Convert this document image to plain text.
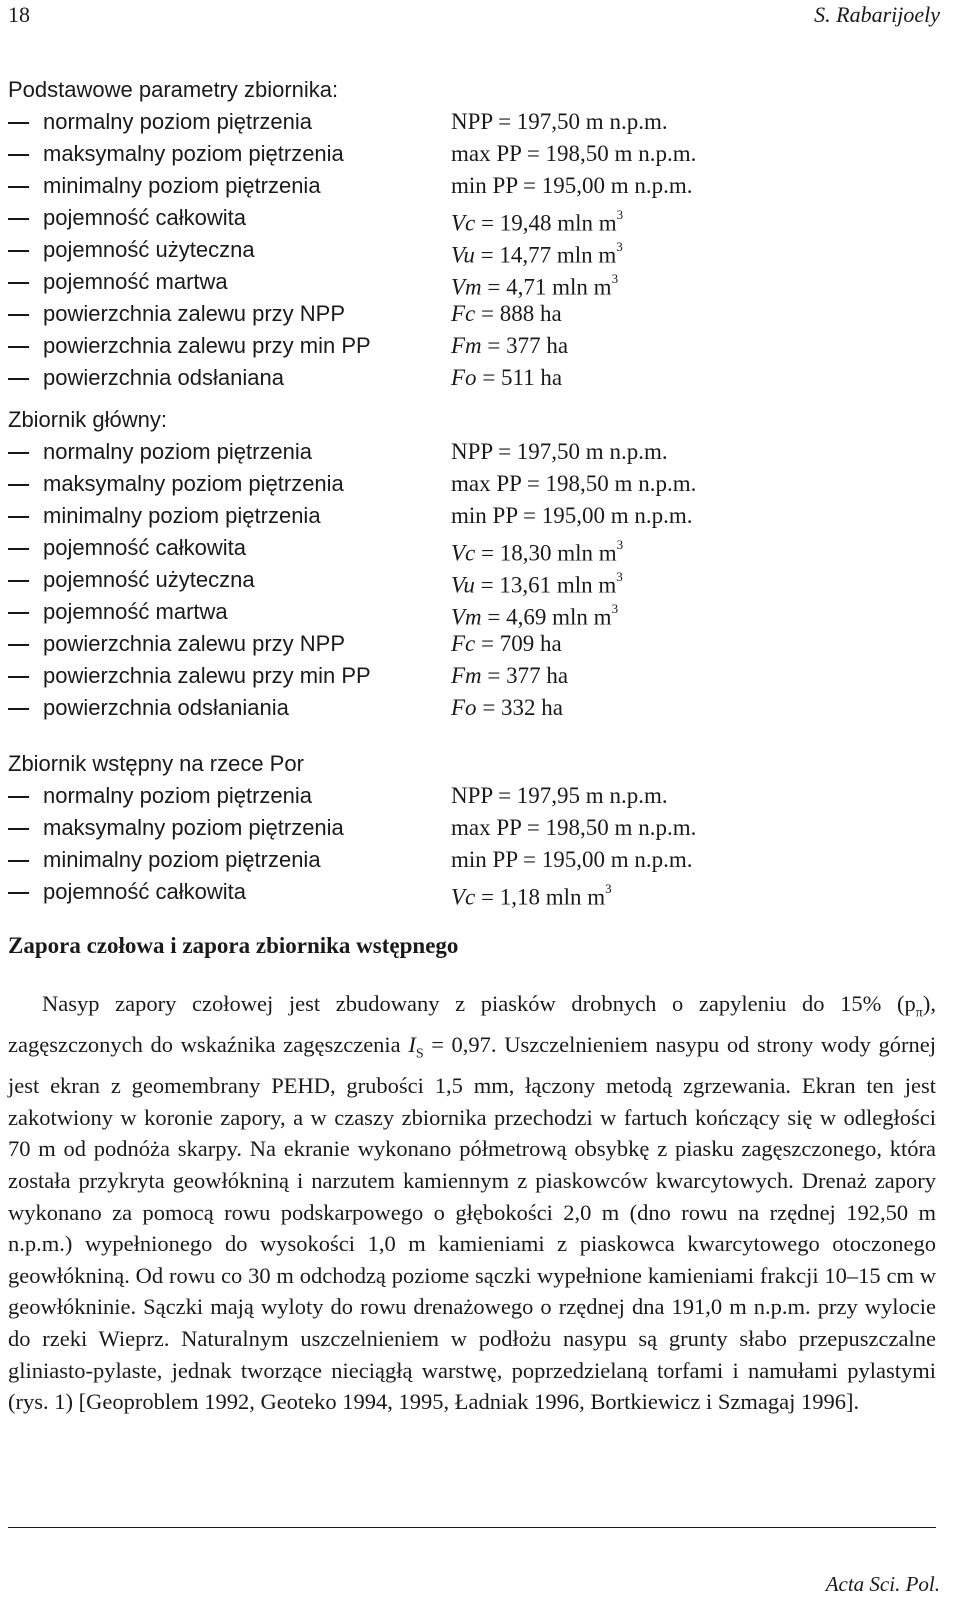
18	S. Rabarijoely
Podstawowe parametry zbiornika:
normalny poziom piętrzenia	NPP = 197,50 m n.p.m.
maksymalny poziom piętrzenia	max PP = 198,50 m n.p.m.
minimalny poziom piętrzenia	min PP = 195,00 m n.p.m.
pojemność całkowita	Vc = 19,48 mln $m^3$
pojemność użyteczna	Vu = 14,77 mln $m^3$
pojemność martwa	Vm = 4,71 mln $m^3$
powierzchnia zalewu przy NPP	Fc = 888 ha
powierzchnia zalewu przy min PP	Fm = 377 ha
powierzchnia odsłaniana	Fo = 511 ha
Zbiornik główny:
normalny poziom piętrzenia	NPP = 197,50 m n.p.m.
maksymalny poziom piętrzenia	max PP = 198,50 m n.p.m.
minimalny poziom piętrzenia	min PP = 195,00 m n.p.m.
pojemność całkowita	Vc = 18,30 mln $m^3$
pojemność użyteczna	Vu = 13,61 mln $m^3$
pojemność martwa	Vm = 4,69 mln $m^3$
powierzchnia zalewu przy NPP	Fc = 709 ha
powierzchnia zalewu przy min PP	Fm = 377 ha
powierzchnia odsłaniania	Fo = 332 ha
Zbiornik wstępny na rzece Por
normalny poziom piętrzenia	NPP = 197,95 m n.p.m.
maksymalny poziom piętrzenia	max PP = 198,50 m n.p.m.
minimalny poziom piętrzenia	min PP = 195,00 m n.p.m.
pojemność całkowita	Vc = 1,18 mln $m^3$
Zapora czołowa i zapora zbiornika wstępnego
Nasyp zapory czołowej jest zbudowany z piasków drobnych o zapyleniu do 15% $(p_\pi)$, zagęszczonych do wskaźnika zagęszczenia $I_S = 0,97$. Uszczelnieniem nasypu od strony wody górnej jest ekran z geomembrany PEHD, grubości 1,5 mm, łączony metodą zgrzewania. Ekran ten jest zakotwiony w koronie zapory, a w czaszy zbiornika przechodzi w fartuch kończący się w odległości 70 m od podnóża skarpy. Na ekranie wykonano półmetrową obsybkę z piasku zagęszczonego, która została przykryta geowłókniną i narzutem kamiennym z piaskowców kwarcytowych. Drenaż zapory wykonano za pomocą rowu podskarpowego o głębokości 2,0 m (dno rowu na rzędnej 192,50 m n.p.m.) wypełnionego do wysokości 1,0 m kamieniami z piaskowca kwarcytowego otoczonego geowłókniną. Od rowu co 30 m odchodzą poziome sączki wypełnione kamieniami frakcji 10–15 cm w geowłókninie. Sączki mają wyloty do rowu drenażowego o rzędnej dna 191,0 m n.p.m. przy wylocie do rzeki Wieprz. Naturalnym uszczelnieniem w podłożu nasypu są grunty słabo przepuszczalne gliniasto-pylaste, jednak tworzące nieciągłą warstwę, poprzedzielaną torfami i namułami pylastymi (rys. 1) [Geoproblem 1992, Geoteko 1994, 1995, Ładniak 1996, Bortkiewicz i Szmagaj 1996].
Acta Sci. Pol.
